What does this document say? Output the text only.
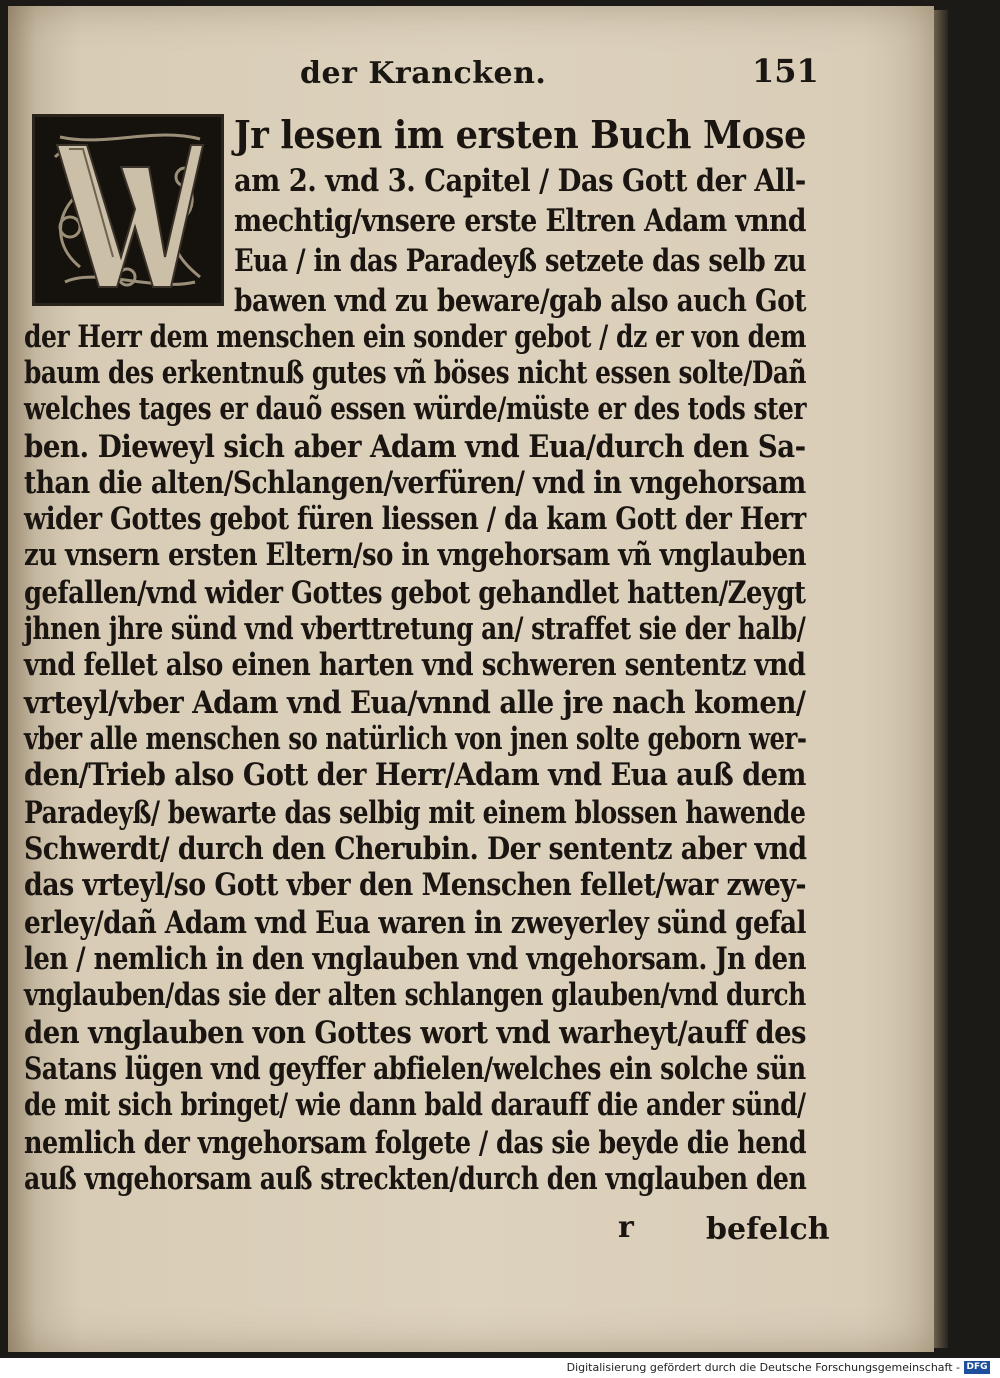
der Krancken.	151
Jr lesen im ersten Buch Mose
am 2. vnd 3. Capitel / Das Gott der All-
mechtig/vnsere erste Eltren Adam vnnd
Eua / in das Paradeyß setzete das selb zu
bawen vnd zu beware/gab also auch Got
der Herr dem menschen ein sonder gebot / dz er von dem
baum des erkentnuß gutes vñ böses nicht essen solte/Dañ
welches tages er dauõ essen würde/müste er des tods ster
ben. Dieweyl sich aber Adam vnd Eua/durch den Sa-
than die alten/Schlangen/verfüren/ vnd in vngehorsam
wider Gottes gebot füren liessen / da kam Gott der Herr
zu vnsern ersten Eltern/so in vngehorsam vñ vnglauben
gefallen/vnd wider Gottes gebot gehandlet hatten/Zeygt
jhnen jhre sünd vnd vberttretung an/ straffet sie der halb/
vnd fellet also einen harten vnd schweren sententz vnd
vrteyl/vber Adam vnd Eua/vnnd alle jre nach komen/
vber alle menschen so natürlich von jnen solte geborn wer-
den/Trieb also Gott der Herr/Adam vnd Eua auß dem
Paradeyß/ bewarte das selbig mit einem blossen hawende
Schwerdt/ durch den Cherubin. Der sententz aber vnd
das vrteyl/so Gott vber den Menschen fellet/war zwey-
erley/dañ Adam vnd Eua waren in zweyerley sünd gefal
len / nemlich in den vnglauben vnd vngehorsam. Jn den
vnglauben/das sie der alten schlangen glauben/vnd durch
den vnglauben von Gottes wort vnd warheyt/auff des
Satans lügen vnd geyffer abfielen/welches ein solche sün
de mit sich bringet/ wie dann bald darauff die ander sünd/
nemlich der vngehorsam folgete / das sie beyde die hend
auß vngehorsam auß streckten/durch den vnglauben den
r befelch
Digitalisierung gefördert durch die Deutsche Forschungsgemeinschaft - DFG
